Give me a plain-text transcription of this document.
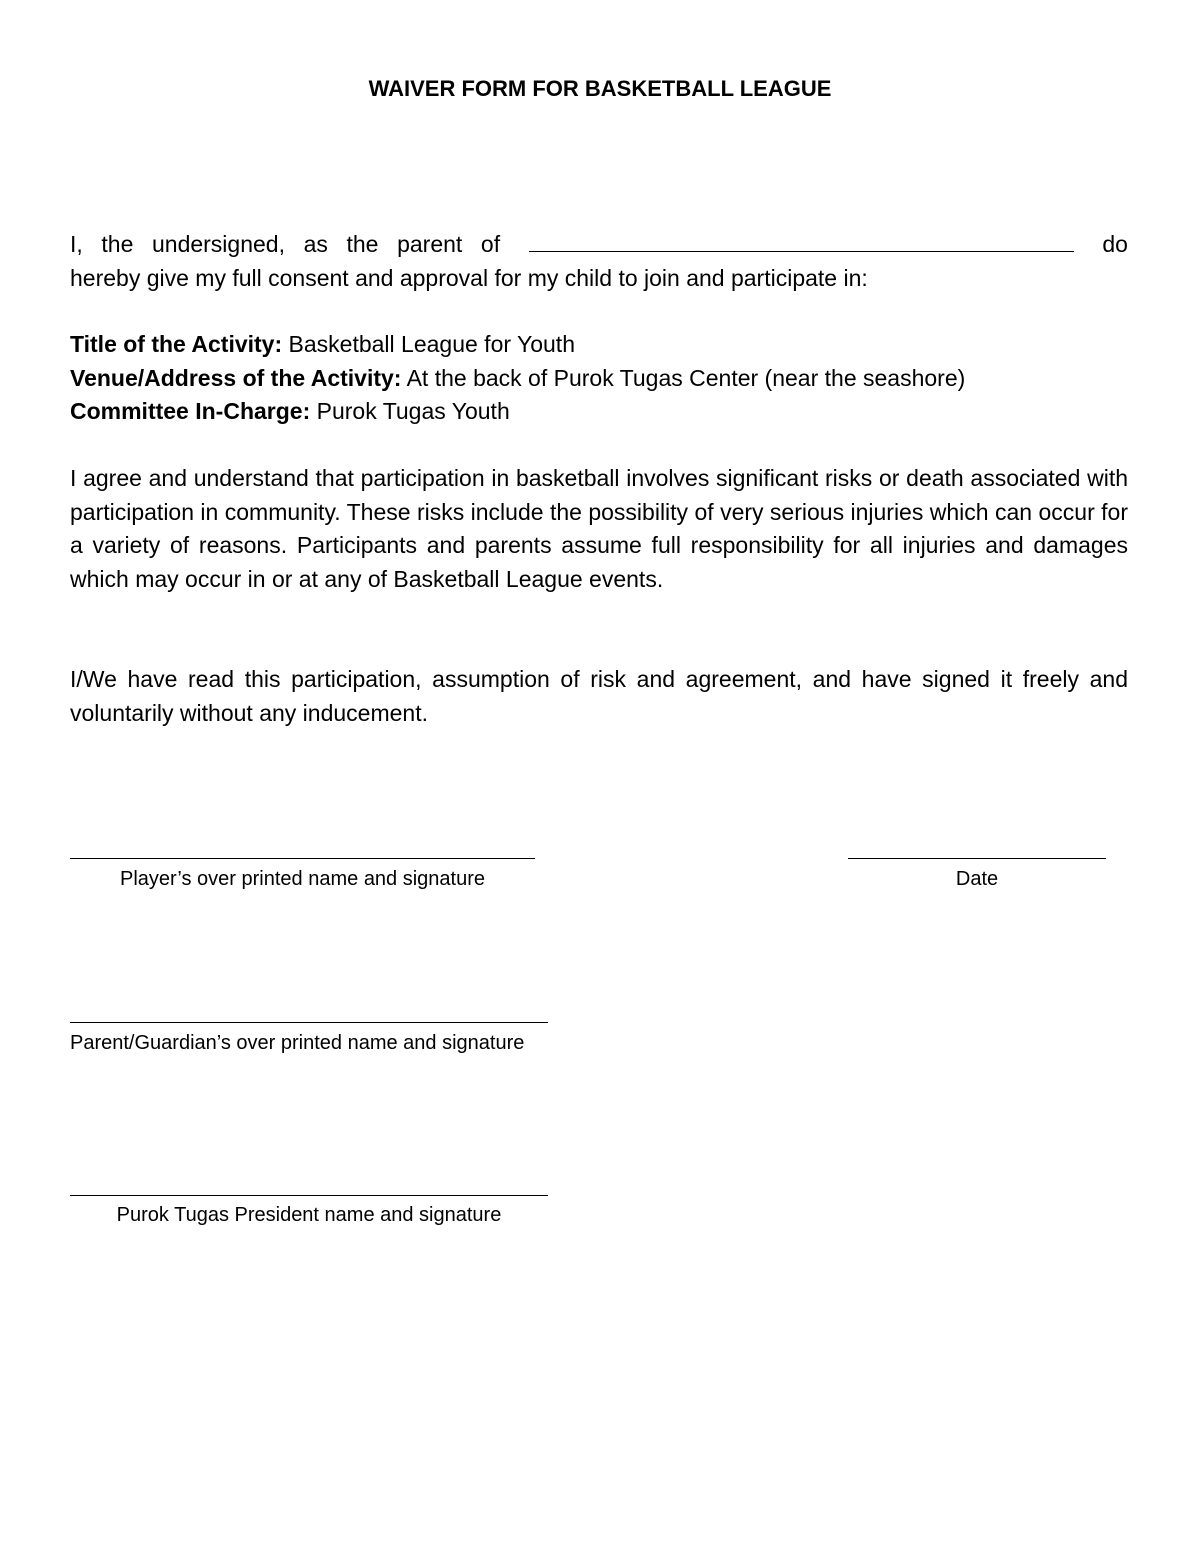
WAIVER FORM FOR BASKETBALL LEAGUE
I, the undersigned, as the parent of	do

hereby give my full consent and approval for my child to join and participate in:

Title of the Activity: Basketball League for Youth

Venue/Address of the Activity: At the back of Purok Tugas Center (near the seashore)

Committee In-Charge: Purok Tugas Youth

I agree and understand that participation in basketball involves significant risks or death associated with participation in community. These risks include the possibility of very serious injuries which can occur for a variety of reasons. Participants and parents assume full responsibility for all injuries and damages which may occur in or at any of Basketball League events.

I/We have read this participation, assumption of risk and agreement, and have signed it freely and voluntarily without any inducement.

Player’s over printed name and signature	Date
Parent/Guardian’s over printed name and signature
Purok Tugas President name and signature
